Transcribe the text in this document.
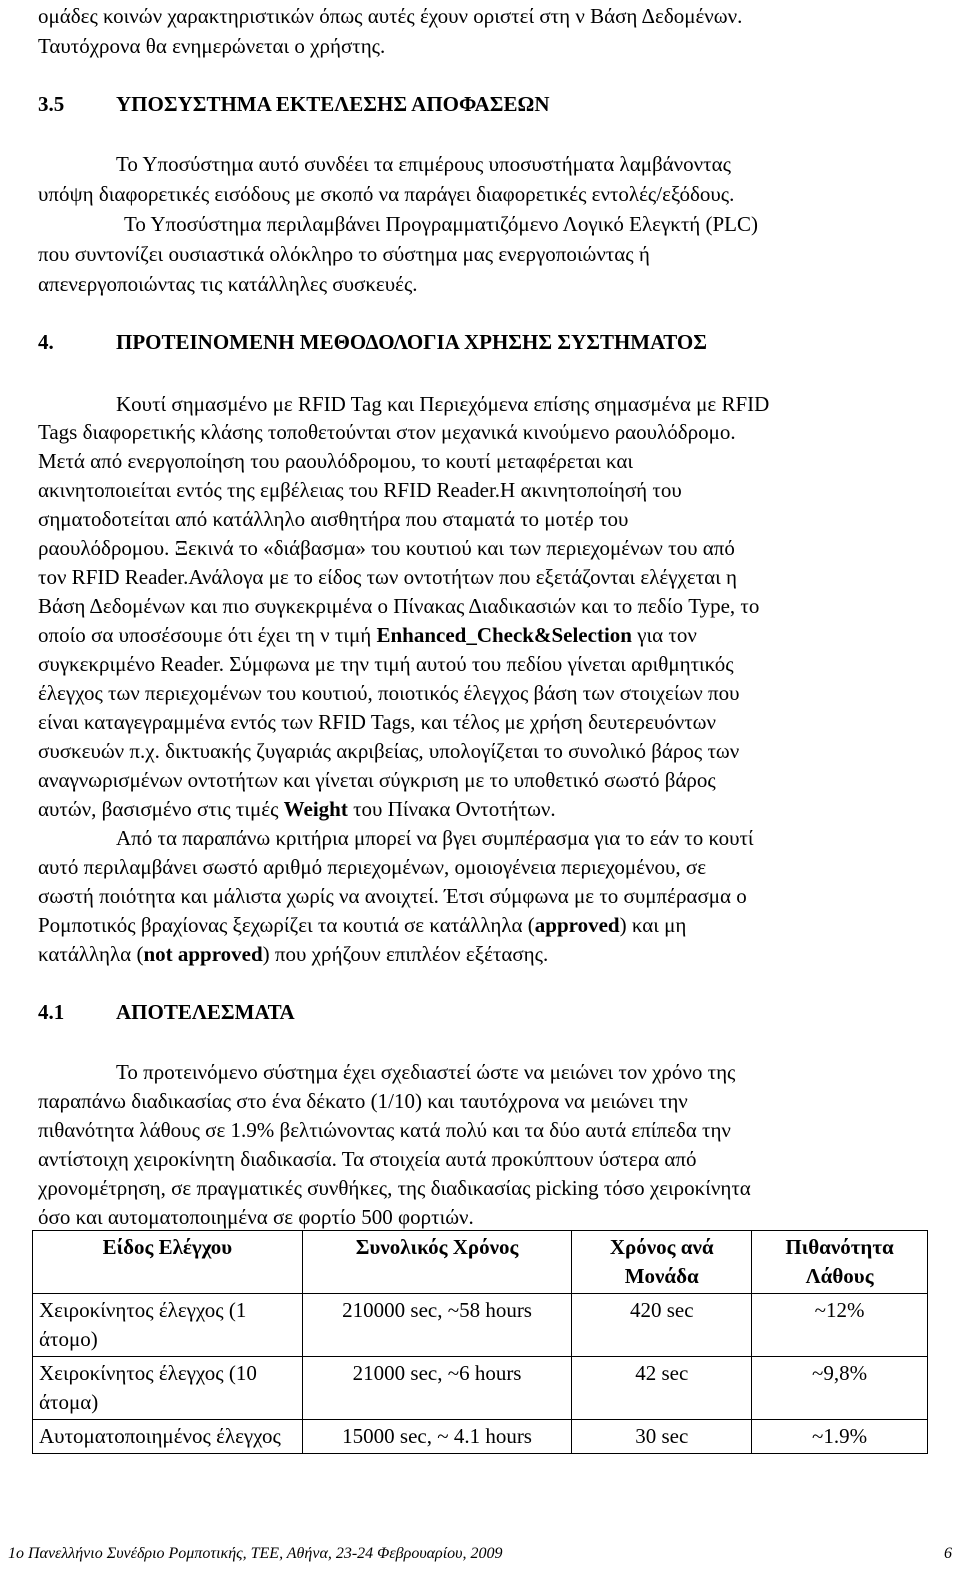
ομάδες κοινών χαρακτηριστικών όπως αυτές έχουν οριστεί στη ν Βάση Δεδομένων.
Ταυτόχρονα θα ενημερώνεται ο χρήστης.
3.5 ΥΠΟΣΥΣΤΗΜΑ ΕΚΤΕΛΕΣΗΣ ΑΠΟΦΑΣΕΩΝ
Το Υποσύστημα αυτό συνδέει τα επιμέρους υποσυστήματα λαμβάνοντας
υπόψη διαφορετικές εισόδους με σκοπό να παράγει διαφορετικές εντολές/εξόδους.
Το Υποσύστημα περιλαμβάνει Προγραμματιζόμενο Λογικό Ελεγκτή (PLC)
που συντονίζει ουσιαστικά ολόκληρο το σύστημα μας ενεργοποιώντας ή
απενεργοποιώντας τις κατάλληλες συσκευές.
4.	ΠΡΟΤΕΙΝΟΜΕΝΗ ΜΕΘΟΔΟΛΟΓΙΑ ΧΡΗΣΗΣ ΣΥΣΤΗΜΑΤΟΣ
Κουτί σημασμένο με RFID Tag και Περιεχόμενα επίσης σημασμένα με RFID
Tags διαφορετικής κλάσης τοποθετούνται στον μεχανικά κινούμενο ραουλόδρομο.
Μετά από ενεργοποίηση του ραουλόδρομου, το κουτί μεταφέρεται και
ακινητοποιείται εντός της εμβέλειας του RFID Reader.Η ακινητοποίησή του
σηματοδοτείται από κατάλληλο αισθητήρα που σταματά το μοτέρ του
ραουλόδρομου. Ξεκινά το «διάβασμα» του κουτιού και των περιεχομένων του από
τον RFID Reader.Ανάλογα με το είδος των οντοτήτων που εξετάζονται ελέγχεται η
Βάση Δεδομένων και πιο συγκεκριμένα ο Πίνακας Διαδικασιών και το πεδίο Type, το
οποίο σα υποσέσουμε ότι έχει τη ν τιμή Enhanced_Check&Selection για τον
συγκεκριμένο Reader. Σύμφωνα με την τιμή αυτού του πεδίου γίνεται αριθμητικός
έλεγχος των περιεχομένων του κουτιού, ποιοτικός έλεγχος βάση των στοιχείων που
είναι καταγεγραμμένα εντός των RFID Tags, και τέλος με χρήση δευτερευόντων
συσκευών π.χ. δικτυακής ζυγαριάς ακριβείας, υπολογίζεται το συνολικό βάρος των
αναγνωρισμένων οντοτήτων και γίνεται σύγκριση με το υποθετικό σωστό βάρος
αυτών, βασισμένο στις τιμές Weight του Πίνακα Οντοτήτων.
Από τα παραπάνω κριτήρια μπορεί να βγει συμπέρασμα για το εάν το κουτί
αυτό περιλαμβάνει σωστό αριθμό περιεχομένων, ομοιογένεια περιεχομένου, σε
σωστή ποιότητα και μάλιστα χωρίς να ανοιχτεί. Έτσι σύμφωνα με το συμπέρασμα ο
Ρομποτικός βραχίονας ξεχωρίζει τα κουτιά σε κατάλληλα (approved) και μη
κατάλληλα (not approved) που χρήζουν επιπλέον εξέτασης.
4.1 ΑΠΟΤΕΛΕΣΜΑΤΑ
Το προτεινόμενο σύστημα έχει σχεδιαστεί ώστε να μειώνει τον χρόνο της
παραπάνω διαδικασίας στο ένα δέκατο (1/10) και ταυτόχρονα να μειώνει την
πιθανότητα λάθους σε 1.9% βελτιώνοντας κατά πολύ και τα δύο αυτά επίπεδα την
αντίστοιχη χειροκίνητη διαδικασία. Τα στοιχεία αυτά προκύπτουν ύστερα από
χρονομέτρηση, σε πραγματικές συνθήκες, της διαδικασίας picking τόσο χειροκίνητα
όσο και αυτοματοποιημένα σε φορτίο 500 φορτιών.
Είδος Ελέγχου	Συνολικός Χρόνος	Χρόνος ανά Μονάδα	Πιθανότητα Λάθους
Χειροκίνητος έλεγχος (1 άτομο)	210000 sec, ~58 hours	420 sec	~12%
Χειροκίνητος έλεγχος (10 άτομα)	21000 sec, ~6 hours	42 sec	~9,8%
Αυτοματοποιημένος έλεγχος	15000 sec, ~ 4.1 hours	30 sec	~1.9%
1ο Πανελλήνιο Συνέδριο Ρομποτικής, ΤΕΕ, Αθήνα, 23-24 Φεβρουαρίου, 2009	6
